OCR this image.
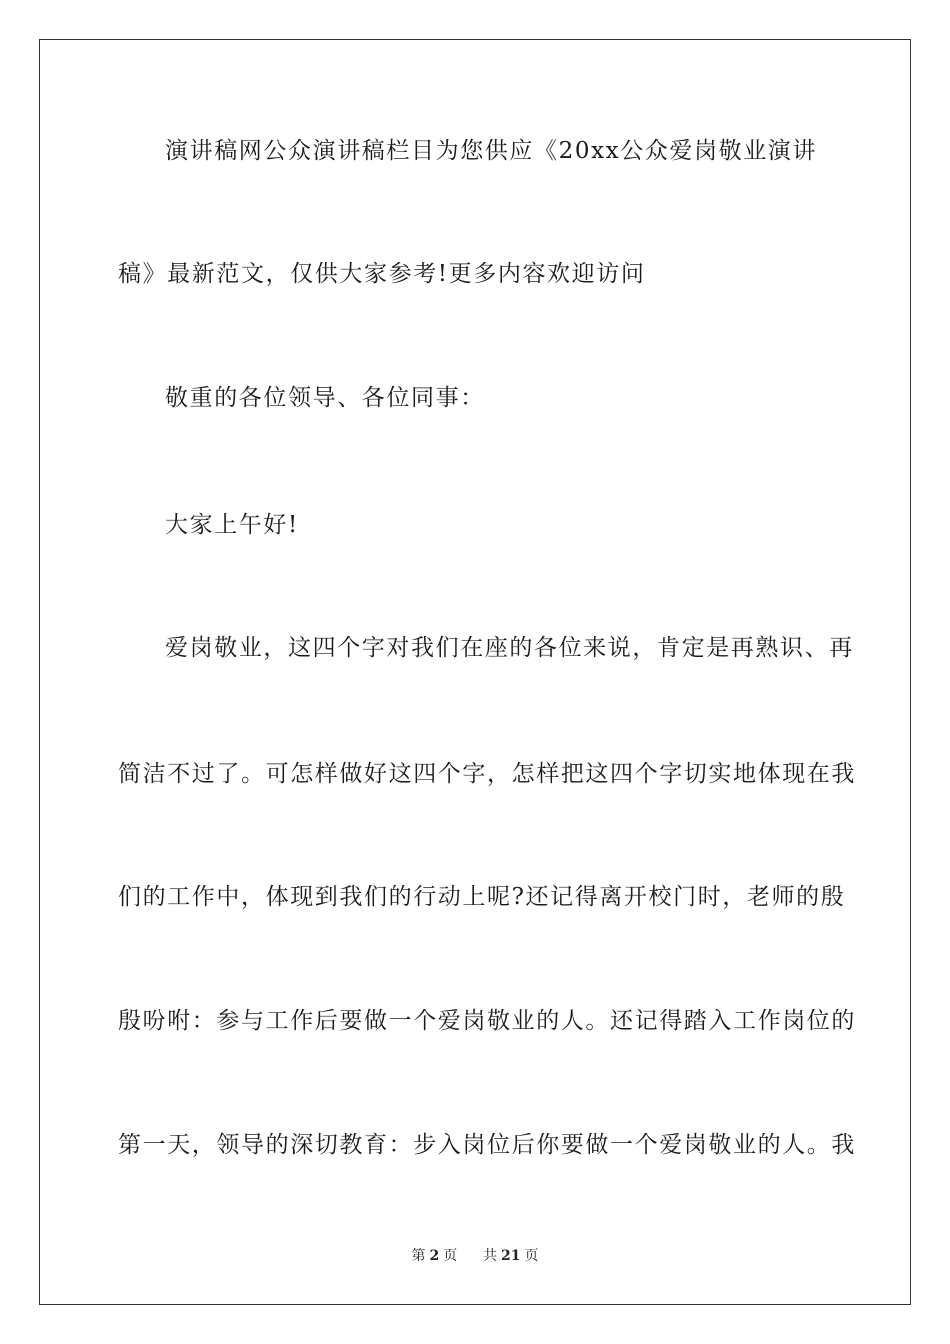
演讲稿网公众演讲稿栏目为您供应《20xx公众爱岗敬业演讲
稿》最新范文，仅供大家参考!更多内容欢迎访问
敬重的各位领导、各位同事：
大家上午好!
爱岗敬业，这四个字对我们在座的各位来说，肯定是再熟识、再
简洁不过了。可怎样做好这四个字，怎样把这四个字切实地体现在我
们的工作中，体现到我们的行动上呢?还记得离开校门时，老师的殷
殷吩咐：参与工作后要做一个爱岗敬业的人。还记得踏入工作岗位的
第一天，领导的深切教育：步入岗位后你要做一个爱岗敬业的人。我
第 2 页 共 21 页
